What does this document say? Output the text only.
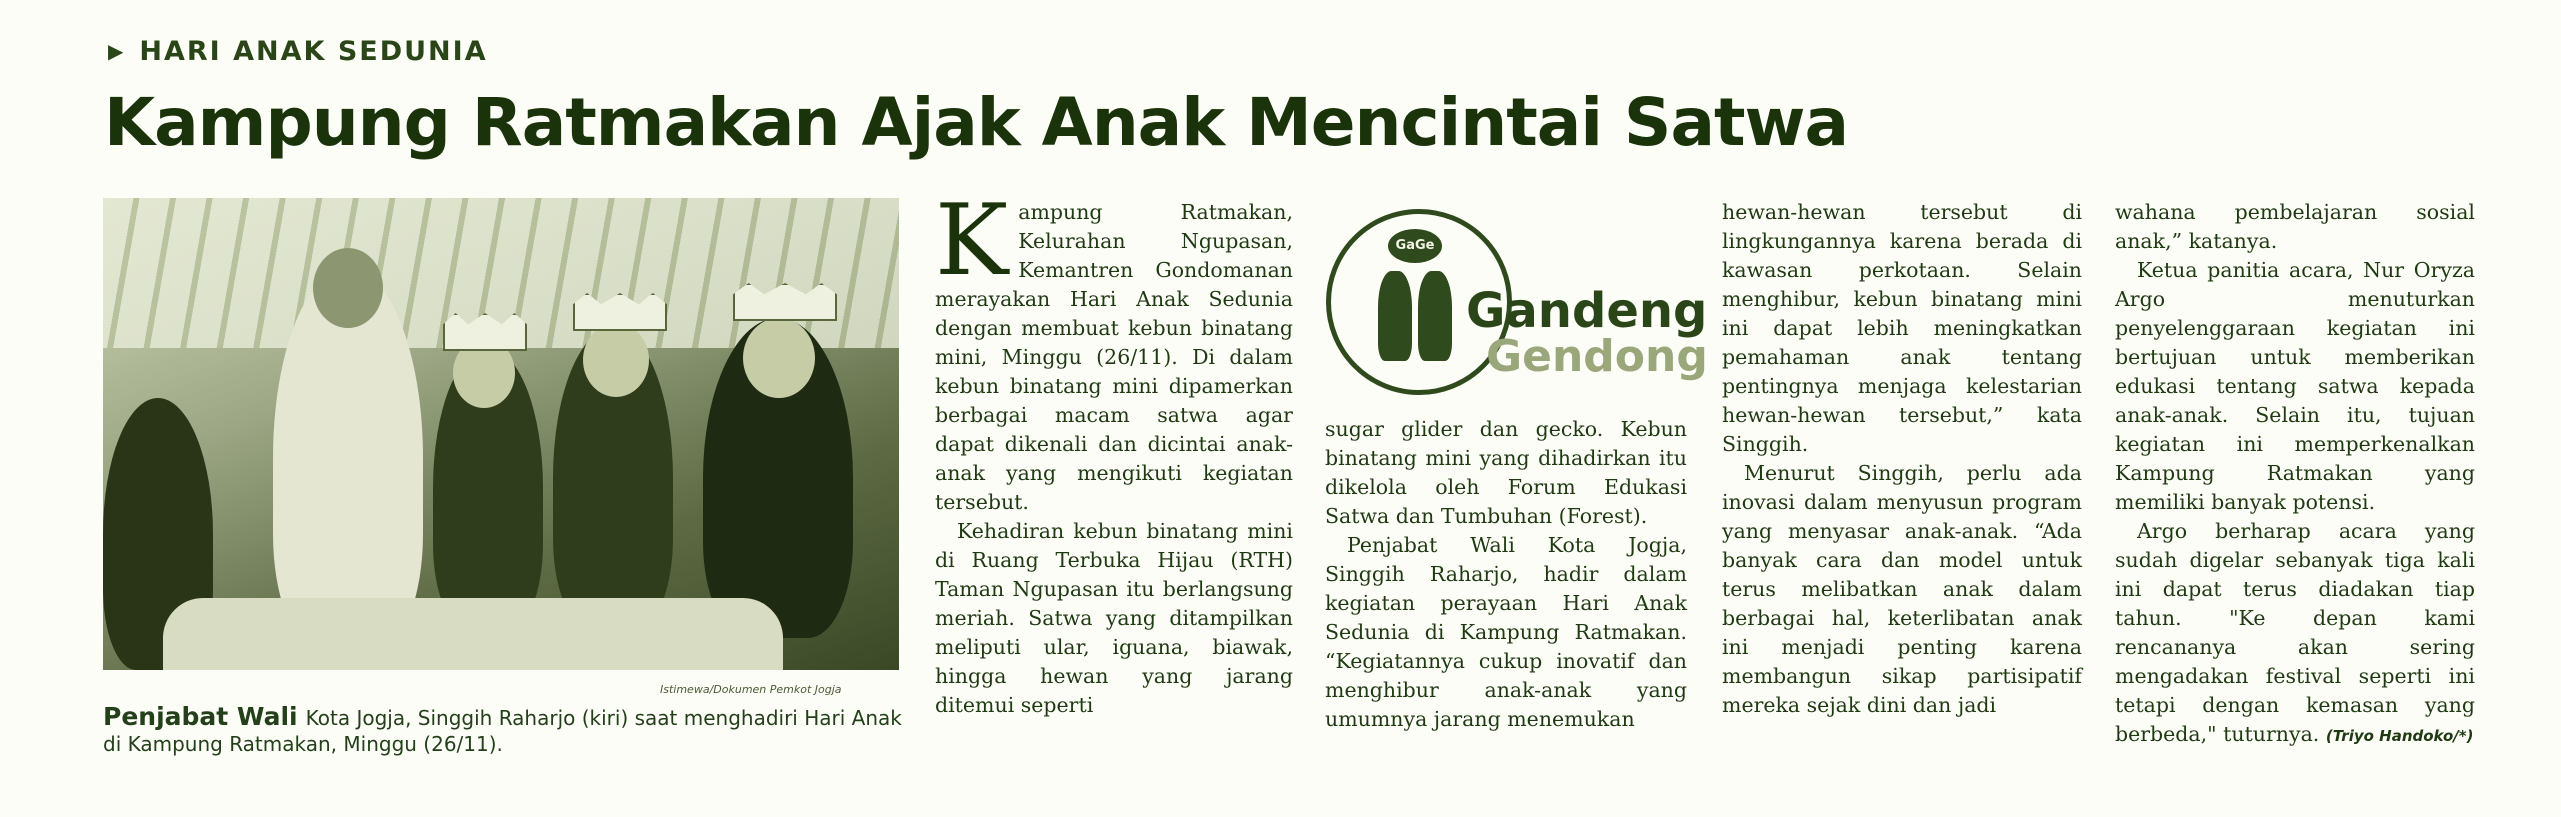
▶ HARI ANAK SEDUNIA
Kampung Ratmakan Ajak Anak Mencintai Satwa
Istimewa/Dokumen Pemkot Jogja
Penjabat Wali Kota Jogja, Singgih Raharjo (kiri) saat menghadiri Hari Anak di Kampung Ratmakan, Minggu (26/11).

Kampung Ratmakan, Kelurahan Ngupasan, Kemantren Gondomanan merayakan Hari Anak Sedunia dengan membuat kebun binatang mini, Minggu (26/11). Di dalam kebun binatang mini dipamerkan berbagai macam satwa agar dapat dikenali dan dicintai anak-anak yang mengikuti kegiatan tersebut.

Kehadiran kebun binatang mini di Ruang Terbuka Hijau (RTH) Taman Ngupasan itu berlangsung meriah. Satwa yang ditampilkan meliputi ular, iguana, biawak, hingga hewan yang jarang ditemui seperti

GaGe
Gandeng
Gendong

sugar glider dan gecko. Kebun binatang mini yang dihadirkan itu dikelola oleh Forum Edukasi Satwa dan Tumbuhan (Forest).

Penjabat Wali Kota Jogja, Singgih Raharjo, hadir dalam kegiatan perayaan Hari Anak Sedunia di Kampung Ratmakan. “Kegiatannya cukup inovatif dan menghibur anak-anak yang umumnya jarang menemukan

hewan-hewan tersebut di lingkungannya karena berada di kawasan perkotaan. Selain menghibur, kebun binatang mini ini dapat lebih meningkatkan pemahaman anak tentang pentingnya menjaga kelestarian hewan-hewan tersebut,” kata Singgih.

Menurut Singgih, perlu ada inovasi dalam menyusun program yang menyasar anak-anak. “Ada banyak cara dan model untuk terus melibatkan anak dalam berbagai hal, keterlibatan anak ini menjadi penting karena membangun sikap partisipatif mereka sejak dini dan jadi

wahana pembelajaran sosial anak,” katanya.

Ketua panitia acara, Nur Oryza Argo menuturkan penyelenggaraan kegiatan ini bertujuan untuk memberikan edukasi tentang satwa kepada anak-anak. Selain itu, tujuan kegiatan ini memperkenalkan Kampung Ratmakan yang memiliki banyak potensi.

Argo berharap acara yang sudah digelar sebanyak tiga kali ini dapat terus diadakan tiap tahun. "Ke depan kami rencananya akan sering mengadakan festival seperti ini tetapi dengan kemasan yang berbeda," tuturnya. (Triyo Handoko/*)
